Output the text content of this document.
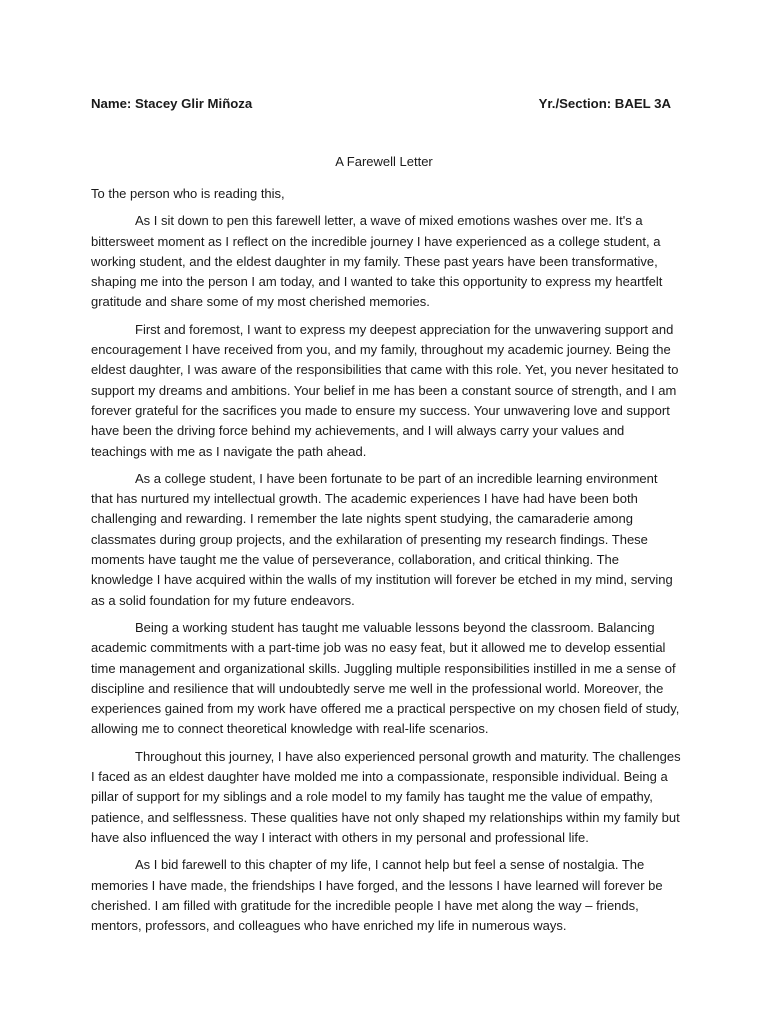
Name: Stacey Glir Miñoza	Yr./Section: BAEL 3A
A Farewell Letter

To the person who is reading this,

As I sit down to pen this farewell letter, a wave of mixed emotions washes over me. It's a bittersweet moment as I reflect on the incredible journey I have experienced as a college student, a working student, and the eldest daughter in my family. These past years have been transformative, shaping me into the person I am today, and I wanted to take this opportunity to express my heartfelt gratitude and share some of my most cherished memories.

First and foremost, I want to express my deepest appreciation for the unwavering support and encouragement I have received from you, and my family, throughout my academic journey. Being the eldest daughter, I was aware of the responsibilities that came with this role. Yet, you never hesitated to support my dreams and ambitions. Your belief in me has been a constant source of strength, and I am forever grateful for the sacrifices you made to ensure my success. Your unwavering love and support have been the driving force behind my achievements, and I will always carry your values and teachings with me as I navigate the path ahead.

As a college student, I have been fortunate to be part of an incredible learning environment that has nurtured my intellectual growth. The academic experiences I have had have been both challenging and rewarding. I remember the late nights spent studying, the camaraderie among classmates during group projects, and the exhilaration of presenting my research findings. These moments have taught me the value of perseverance, collaboration, and critical thinking. The knowledge I have acquired within the walls of my institution will forever be etched in my mind, serving as a solid foundation for my future endeavors.

Being a working student has taught me valuable lessons beyond the classroom. Balancing academic commitments with a part-time job was no easy feat, but it allowed me to develop essential time management and organizational skills. Juggling multiple responsibilities instilled in me a sense of discipline and resilience that will undoubtedly serve me well in the professional world. Moreover, the experiences gained from my work have offered me a practical perspective on my chosen field of study, allowing me to connect theoretical knowledge with real-life scenarios.

Throughout this journey, I have also experienced personal growth and maturity. The challenges I faced as an eldest daughter have molded me into a compassionate, responsible individual. Being a pillar of support for my siblings and a role model to my family has taught me the value of empathy, patience, and selflessness. These qualities have not only shaped my relationships within my family but have also influenced the way I interact with others in my personal and professional life.

As I bid farewell to this chapter of my life, I cannot help but feel a sense of nostalgia. The memories I have made, the friendships I have forged, and the lessons I have learned will forever be cherished. I am filled with gratitude for the incredible people I have met along the way – friends, mentors, professors, and colleagues who have enriched my life in numerous ways.
